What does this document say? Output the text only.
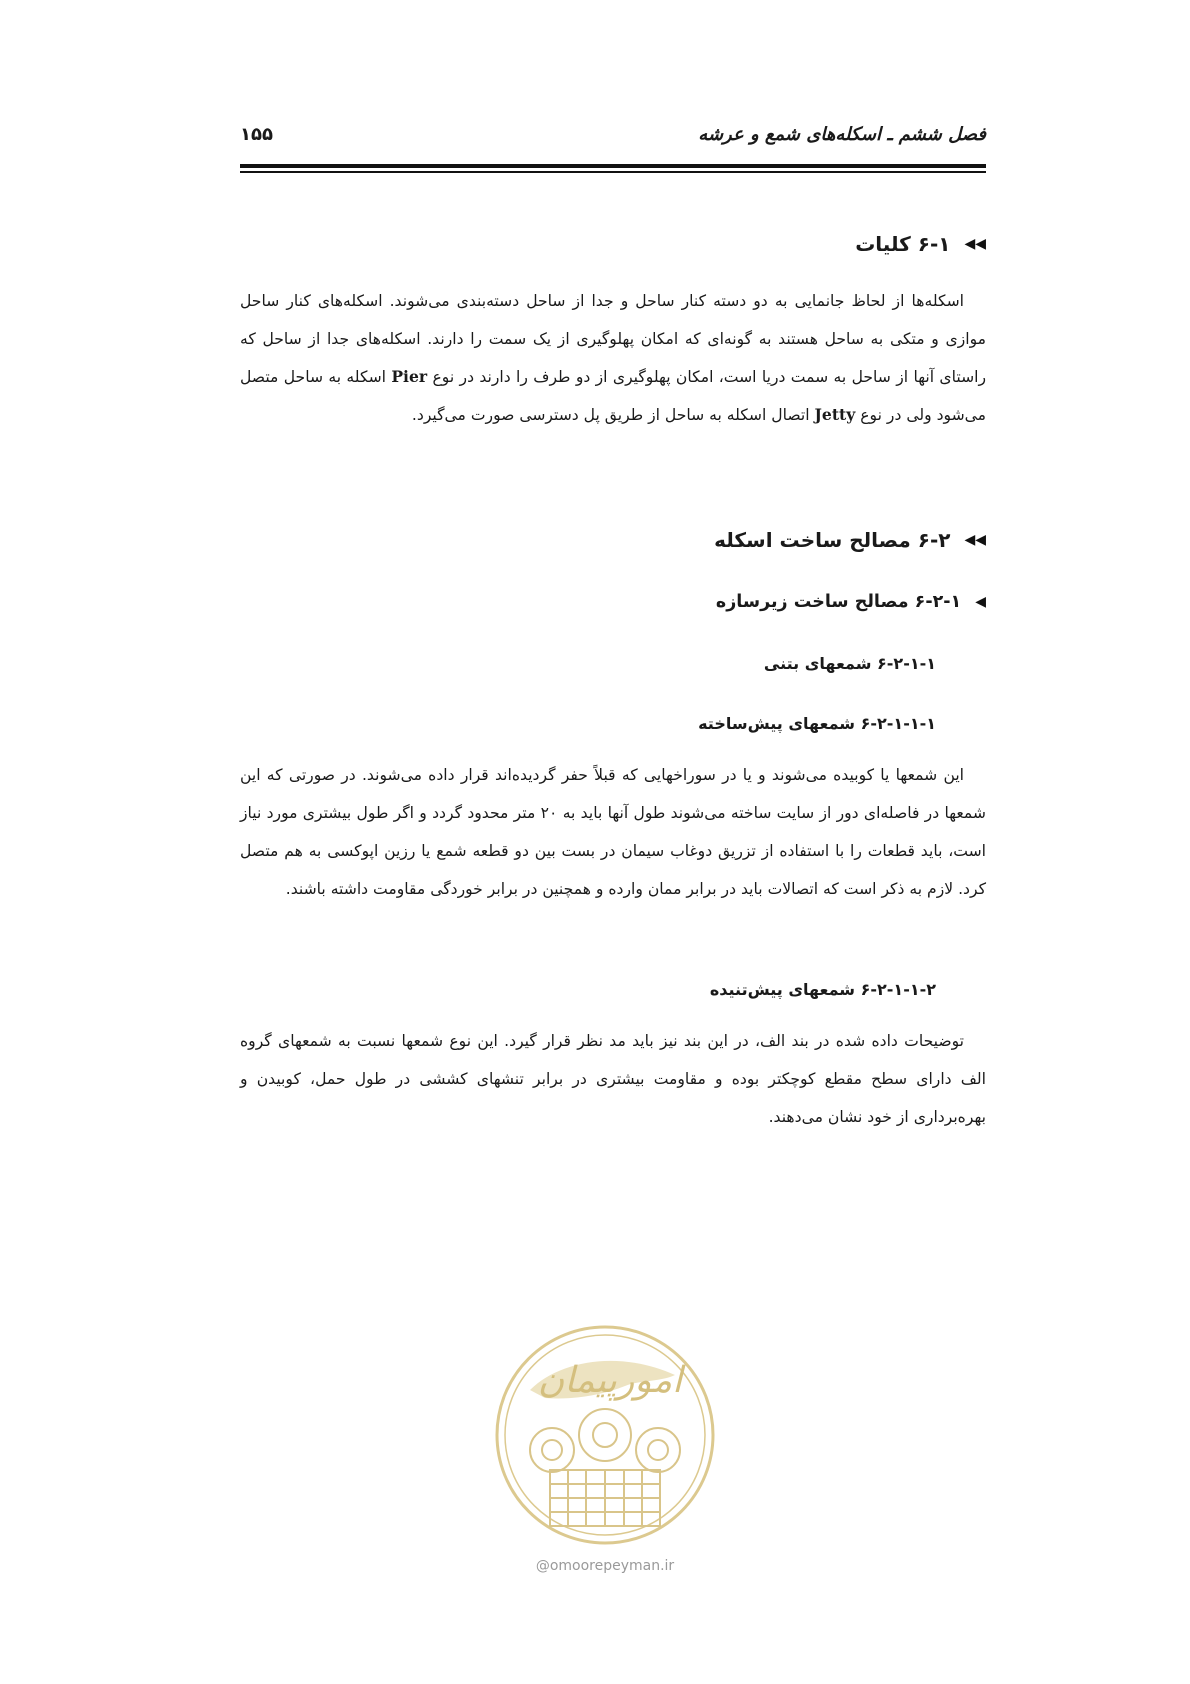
فصل ششم ـ اسکله‌های شمع و عرشه
۱۵۵
◀◀
۶-۱ کلیات

اسکله‌ها از لحاظ جانمایی به دو دسته کنار ساحل و جدا از ساحل دسته‌بندی می‌شوند. اسکله‌های کنار ساحل موازی و متکی به ساحل هستند به گونه‌ای که امکان پهلوگیری از یک سمت را دارند. اسکله‌های جدا از ساحل که راستای آنها از ساحل به سمت دریا است، امکان پهلوگیری از دو طرف را دارند در نوع Pier اسکله به ساحل متصل می‌شود ولی در نوع Jetty اتصال اسکله به ساحل از طریق پل دسترسی صورت می‌گیرد.

◀◀
۶-۲ مصالح ساخت اسکله
◀
۶-۲-۱ مصالح ساخت زیرسازه
۶-۲-۱-۱ شمعهای بتنی
۶-۲-۱-۱-۱ شمعهای پیش‌ساخته

این شمعها یا کوبیده می‌شوند و یا در سوراخهایی که قبلاً حفر گردیده‌اند قرار داده می‌شوند. در صورتی که این شمعها در فاصله‌ای دور از سایت ساخته می‌شوند طول آنها باید به ۲۰ متر محدود گردد و اگر طول بیشتری مورد نیاز است، باید قطعات را با استفاده از تزریق دوغاب سیمان در بست بین دو قطعه شمع یا رزین اپوکسی به هم متصل کرد. لازم به ذکر است که اتصالات باید در برابر ممان وارده و همچنین در برابر خوردگی مقاومت داشته باشند.

۶-۲-۱-۱-۲ شمعهای پیش‌تنیده

توضیحات داده شده در بند الف، در این بند نیز باید مد نظر قرار گیرد. این نوع شمعها نسبت به شمعهای گروه الف دارای سطح مقطع کوچکتر بوده و مقاومت بیشتری در برابر تنشهای کششی در طول حمل، کوبیدن و بهره‌برداری از خود نشان می‌دهند.

امورپیمان
@omoorepeyman.ir
